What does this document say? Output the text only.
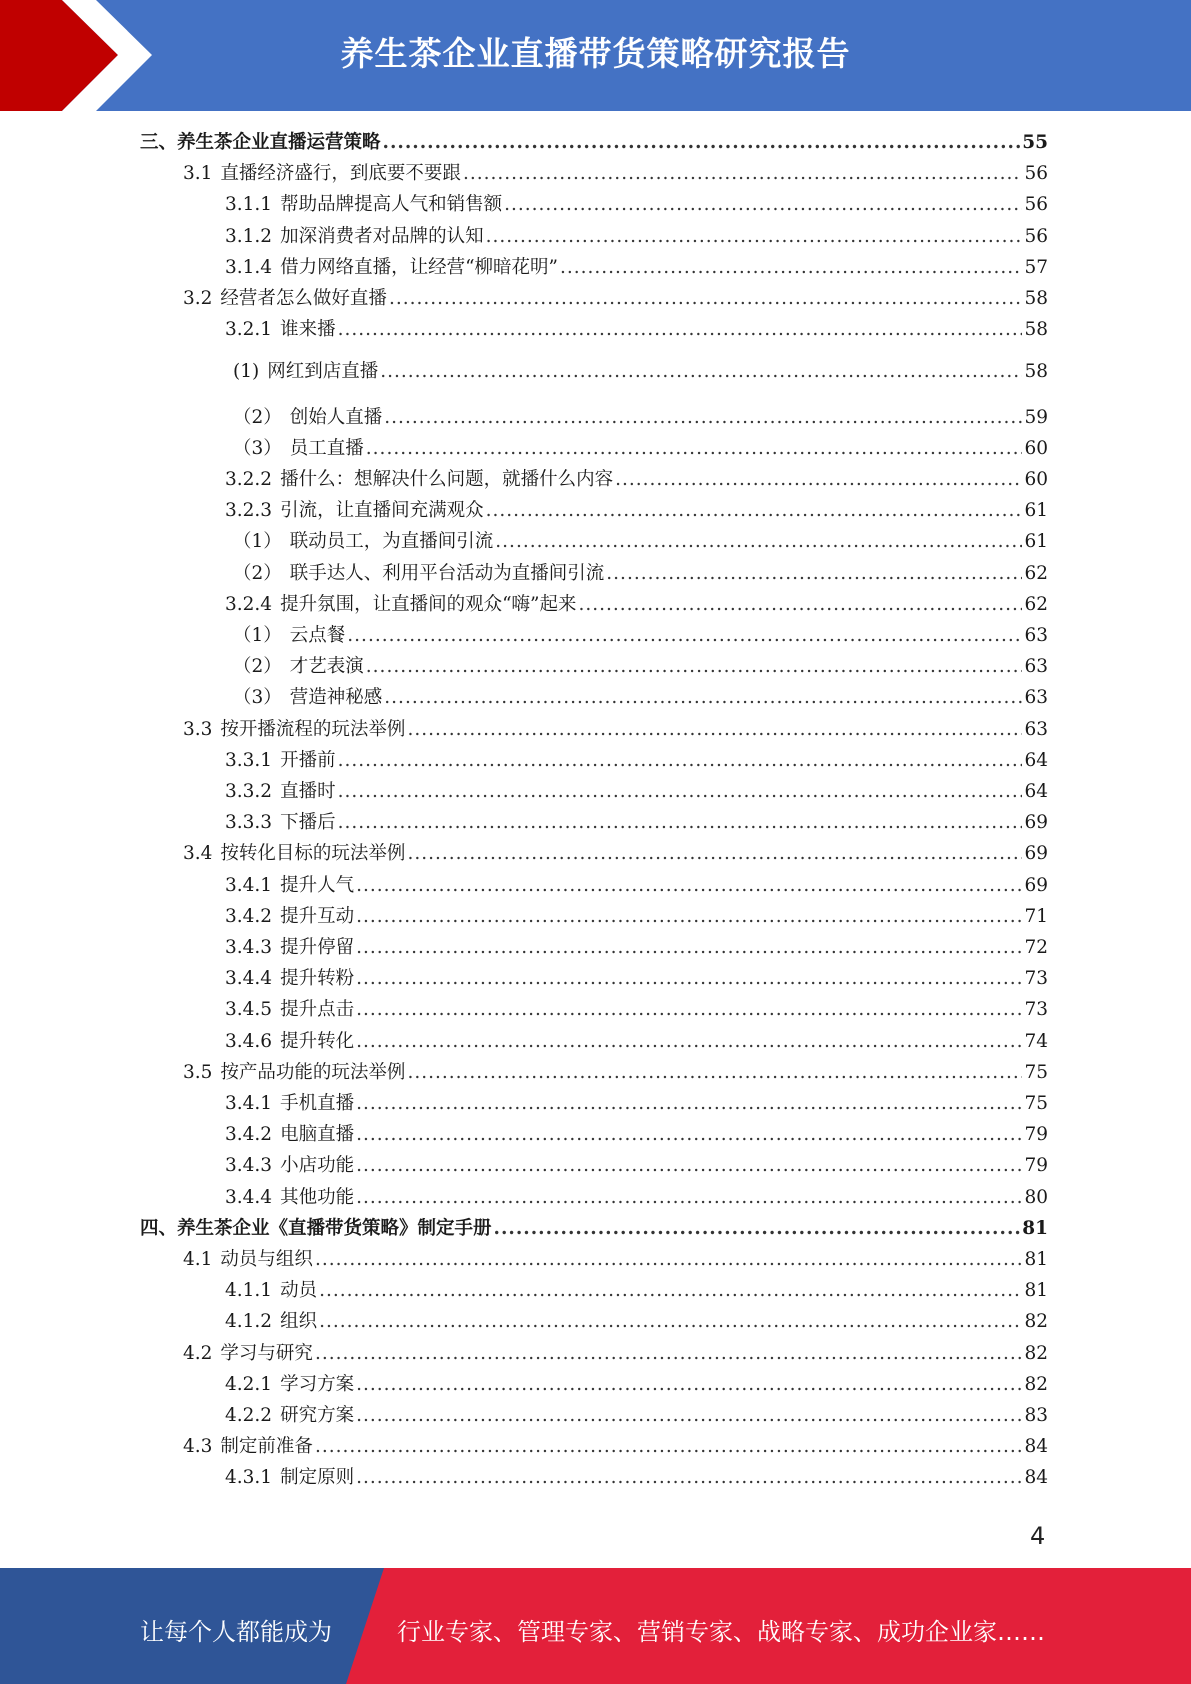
养生茶企业直播带货策略研究报告
三、 养生茶企业直播运营策略 .....	55
3.1 直播经济盛行，到底要不要跟 .....	56
3.1.1 帮助品牌提高人气和销售额 .....	56
3.1.2 加深消费者对品牌的认知 .....	56
3.1.4 借力网络直播，让经营“柳暗花明” .....	57
3.2 经营者怎么做好直播 .....	58
3.2.1 谁来播 .....	58
(1) 网红到店直播 .....	58
（2） 创始人直播 .....	59
（3） 员工直播 .....	60
3.2.2 播什么：想解决什么问题，就播什么内容 .....	60
3.2.3 引流，让直播间充满观众 .....	61
（1） 联动员工，为直播间引流 .....	61
（2） 联手达人、利用平台活动为直播间引流 .....	62
3.2.4 提升氛围，让直播间的观众“嗨”起来 .....	62
（1） 云点餐 .....	63
（2） 才艺表演 .....	63
（3） 营造神秘感 .....	63
3.3 按开播流程的玩法举例 .....	63
3.3.1 开播前 .....	64
3.3.2 直播时 .....	64
3.3.3 下播后 .....	69
3.4 按转化目标的玩法举例 .....	69
3.4.1 提升人气 .....	69
3.4.2 提升互动 .....	71
3.4.3 提升停留 .....	72
3.4.4 提升转粉 .....	73
3.4.5 提升点击 .....	73
3.4.6 提升转化 .....	74
3.5 按产品功能的玩法举例 .....	75
3.4.1 手机直播 .....	75
3.4.2 电脑直播 .....	79
3.4.3 小店功能 .....	79
3.4.4 其他功能 .....	80
四、 养生茶企业《直播带货策略》制定手册 .....	81
4.1 动员与组织 .....	81
4.1.1 动员 .....	81
4.1.2 组织 .....	82
4.2 学习与研究 .....	82
4.2.1 学习方案 .....	82
4.2.2 研究方案 .....	83
4.3 制定前准备 .....	84
4.3.1 制定原则 .....	84
4
让每个人都能成为	行业专家、管理专家、营销专家、战略专家、成功企业家……
